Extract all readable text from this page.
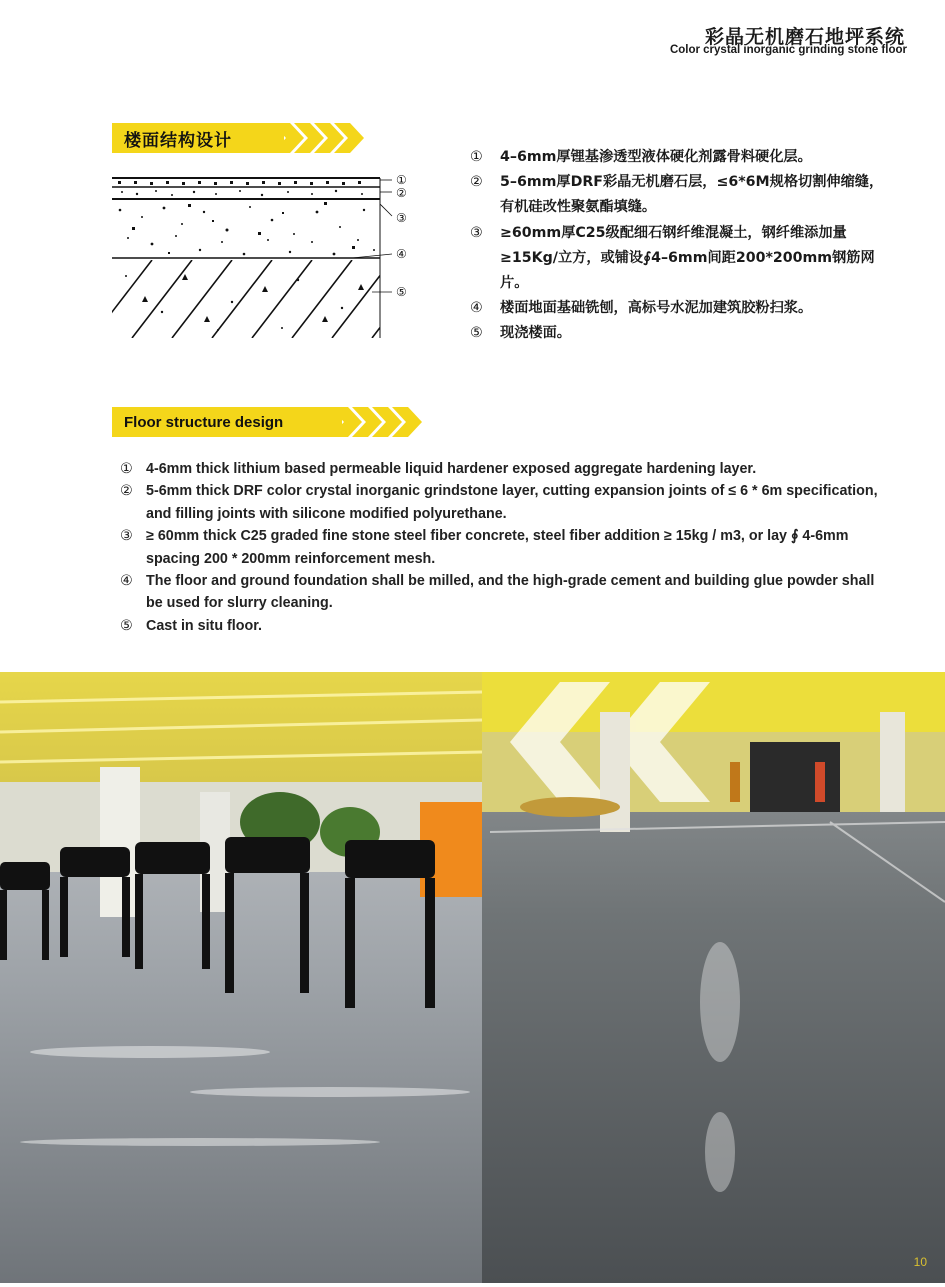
彩晶无机磨石地坪系统
Color crystal inorganic grinding stone floor
楼面结构设计
①
②
③
④
⑤
① 4–6mm厚锂基渗透型液体硬化剂露骨料硬化层。
② 5–6mm厚DRF彩晶无机磨石层，≤6*6M规格切割伸缩缝，有机硅改性聚氨酯填缝。
③ ≥60mm厚C25级配细石钢纤维混凝土，钢纤维添加量≥15Kg/立方，或铺设∮4–6mm间距200*200mm钢筋网片。
④ 楼面地面基础铣刨，高标号水泥加建筑胶粉扫浆。
⑤ 现浇楼面。
Floor structure design
① 4-6mm thick lithium based permeable liquid hardener exposed aggregate hardening layer.
② 5-6mm thick DRF color crystal inorganic grindstone layer, cutting expansion joints of ≤ 6 * 6m specification, and filling joints with silicone modified polyurethane.
③ ≥ 60mm thick C25 graded fine stone steel fiber concrete, steel fiber addition ≥ 15kg / m3, or lay ∮ 4-6mm spacing 200 * 200mm reinforcement mesh.
④ The floor and ground foundation shall be milled, and the high-grade cement and building glue powder shall be used for slurry cleaning.
⑤ Cast in situ floor.
10
